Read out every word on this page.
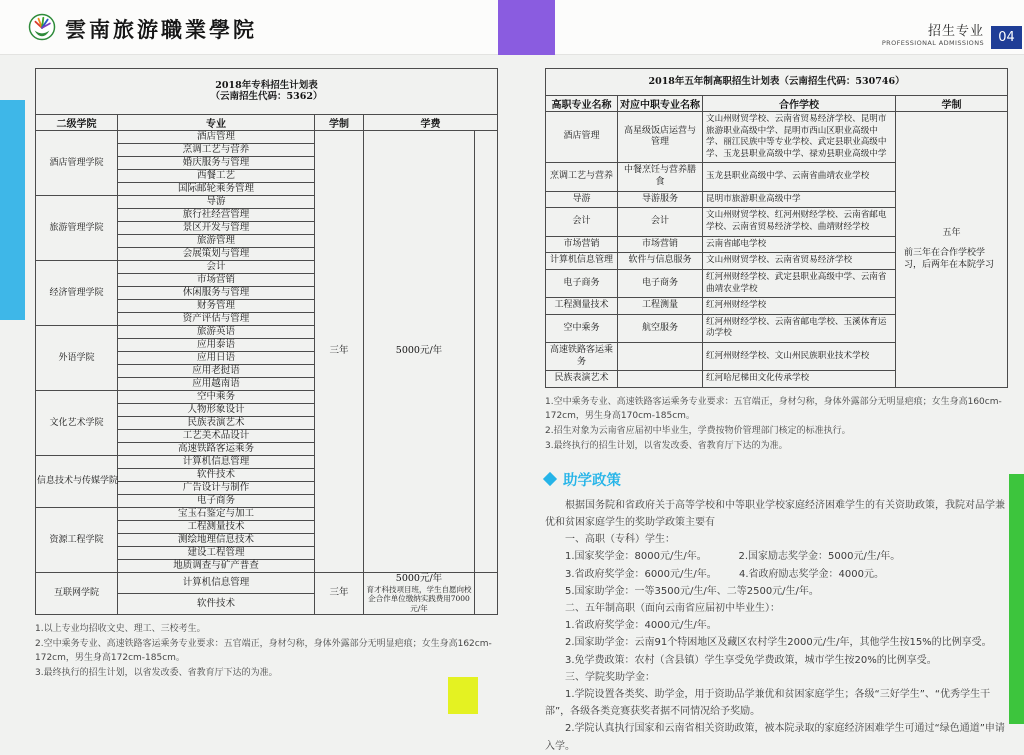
雲南旅游職業學院	招生专业
PROFESSIONAL ADMISSIONS	04
2018年专科招生计划表
（云南招生代码：5362）				

二级学院	专业	学制	学费	
酒店管理学院	酒店管理	三年	5000元/年	
	烹调工艺与营养			
	婚庆服务与管理			
	西餐工艺			
	国际邮轮乘务管理			
旅游管理学院	导游			
	旅行社经营管理			
	景区开发与管理			
	旅游管理			
	会展策划与管理			
经济管理学院	会计			
	市场营销			
	休闲服务与管理			
	财务管理			
	资产评估与管理			
外语学院	旅游英语			
	应用泰语			
	应用日语			
	应用老挝语			
	应用越南语			
文化艺术学院	空中乘务			
	人物形象设计			
	民族表演艺术			
	工艺美术品设计			
	高速铁路客运乘务			
信息技术与传媒学院	计算机信息管理			
	软件技术			
	广告设计与制作			
	电子商务			
资源工程学院	宝玉石鉴定与加工			
	工程测量技术			
	测绘地理信息技术			
	建设工程管理			
	地质调查与矿产普查			
互联网学院	计算机信息管理	三年	5000元/年
育才科技项目班，学生自愿向校企合作单位缴纳实践费用7000元/年	

	软件技术			
1.以上专业均招收文史、理工、三校考生。
2.空中乘务专业、高速铁路客运乘务专业要求：五官端正，身材匀称，身体外露部分无明显疤痕；女生身高162cm-172cm，男生身高172cm-185cm。
3.最终执行的招生计划，以省发改委、省教育厅下达的为准。
2018年五年制高职招生计划表（云南招生代码：530746）			
高职专业名称	对应中职专业名称	合作学校	学制
酒店管理	高星级饭店运营与管理	文山州财贸学校、云南省贸易经济学校、昆明市旅游职业高级中学、昆明市西山区职业高级中学、丽江民族中等专业学校、武定县职业高级中学、玉龙县职业高级中学、禄劝县职业高级中学	五年
前三年在合作学校学习，后两年在本院学习

烹调工艺与营养	中餐烹饪与营养膳食	玉龙县职业高级中学、云南省曲靖农业学校	
导游	导游服务	昆明市旅游职业高级中学	
会计	会计	文山州财贸学校、红河州财经学校、云南省邮电学校、云南省贸易经济学校、曲靖财经学校	
市场营销	市场营销	云南省邮电学校	
计算机信息管理	软件与信息服务	文山州财贸学校、云南省贸易经济学校	
电子商务	电子商务	红河州财经学校、武定县职业高级中学、云南省曲靖农业学校	
工程测量技术	工程测量	红河州财经学校	
空中乘务	航空服务	红河州财经学校、云南省邮电学校、玉溪体育运动学校	
高速铁路客运乘务		红河州财经学校、文山州民族职业技术学校	
民族表演艺术		红河哈尼梯田文化传承学校	
1.空中乘务专业、高速铁路客运乘务专业要求：五官端正，身材匀称，身体外露部分无明显疤痕；女生身高160cm-172cm，男生身高170cm-185cm。
2.招生对象为云南省应届初中毕业生，学费按物价管理部门核定的标准执行。
3.最终执行的招生计划，以省发改委、省教育厅下达的为准。
助学政策

根据国务院和省政府关于高等学校和中等职业学校家庭经济困难学生的有关资助政策，我院对品学兼优和贫困家庭学生的奖助学政策主要有

一、高职（专科）学生：

1.国家奖学金：8000元/生/年。          2.国家励志奖学金：5000元/生/年。

3.省政府奖学金：6000元/生/年。       4.省政府励志奖学金：4000元。

5.国家助学金：一等3500元/生/年、二等2500元/生/年。

二、五年制高职（面向云南省应届初中毕业生）：

1.省政府奖学金：4000元/生/年。

2.国家助学金：云南91个特困地区及藏区农村学生2000元/生/年，其他学生按15%的比例享受。

3.免学费政策：农村（含县镇）学生享受免学费政策，城市学生按20%的比例享受。

三、学院奖助学金：

1.学院设置各类奖、助学金，用于资助品学兼优和贫困家庭学生；各级“三好学生”、“优秀学生干部”，各级各类竞赛获奖者据不同情况给予奖励。

2.学院认真执行国家和云南省相关资助政策，被本院录取的家庭经济困难学生可通过“绿色通道”申请入学。
